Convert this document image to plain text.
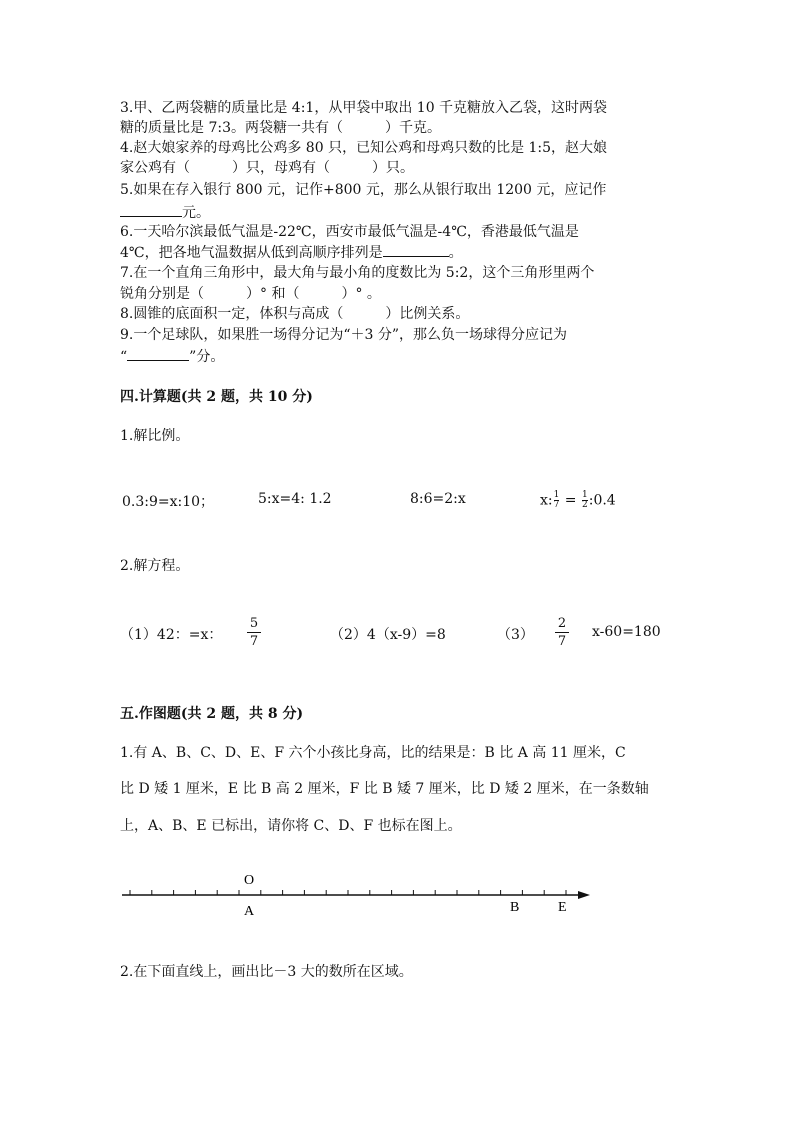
3.甲、乙两袋糖的质量比是 4:1，从甲袋中取出 10 千克糖放入乙袋，这时两袋
糖的质量比是 7:3。两袋糖一共有（　　　）千克。
4.赵大娘家养的母鸡比公鸡多 80 只，已知公鸡和母鸡只数的比是 1:5，赵大娘
家公鸡有（　　　）只，母鸡有（　　　）只。
5.如果在存入银行 800 元，记作+800 元，那么从银行取出 1200 元，应记作
元。
6.一天哈尔滨最低气温是-22℃，西安市最低气温是-4℃，香港最低气温是
4℃，把各地气温数据从低到高顺序排列是	。
7.在一个直角三角形中，最大角与最小角的度数比为 5:2，这个三角形里两个
锐角分别是（　　　）° 和（　　　）° 。
8.圆锥的底面积一定，体积与高成（　　　）比例关系。
9.一个足球队，如果胜一场得分记为“＋3 分”，那么负一场球得分应记为
“	”分。
四.计算题(共 2 题，共 10 分)
1.解比例。
0.3:9=x:10；	5:x=4: 1.2	8:6=2:x	x: $\frac{1}{7} = \frac{1}{2}$ :0.4
2.解方程。
（1）42：=x：
5
7	（2）4（x-9）=8	（3）
2
7
x-60=180
五.作图题(共 2 题，共 8 分)
1.有 A、B、C、D、E、F 六个小孩比身高，比的结果是：B 比 A 高 11 厘米，C
比 D 矮 1 厘米，E 比 B 高 2 厘米，F 比 B 矮 7 厘米，比 D 矮 2 厘米，在一条数轴
上，A、B、E 已标出，请你将 C、D、F 也标在图上。
O
A	B	E
2.在下面直线上，画出比－3 大的数所在区域。
